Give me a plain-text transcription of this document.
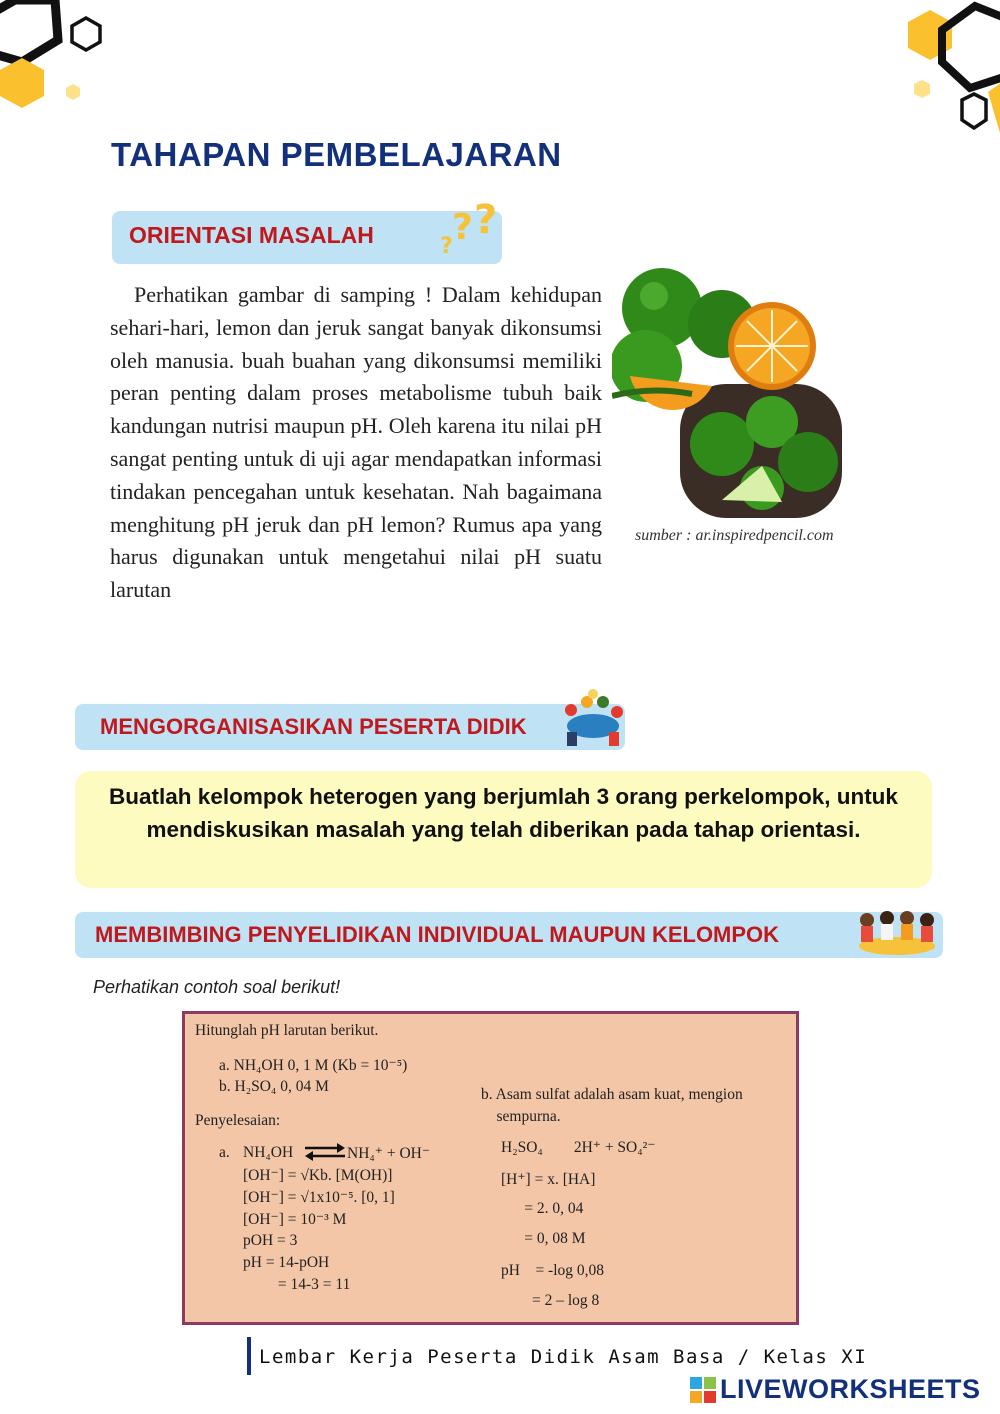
TAHAPAN PEMBELAJARAN
ORIENTASI MASALAH ? ?
?
Perhatikan gambar di samping ! Dalam kehidupan sehari-hari, lemon dan jeruk sangat banyak dikonsumsi oleh manusia. buah buahan yang dikonsumsi memiliki peran penting dalam proses metabolisme tubuh baik kandungan nutrisi maupun pH. Oleh karena itu nilai pH sangat penting untuk di uji agar mendapatkan informasi tindakan pencegahan untuk kesehatan. Nah bagaimana menghitung pH jeruk dan pH lemon? Rumus apa yang harus digunakan untuk mengetahui nilai pH suatu larutan
sumber : ar.inspiredpencil.com
MENGORGANISASIKAN PESERTA DIDIK
Buatlah kelompok heterogen yang berjumlah 3 orang perkelompok, untuk mendiskusikan masalah yang telah diberikan pada tahap orientasi.
MEMBIMBING PENYELIDIKAN INDIVIDUAL MAUPUN KELOMPOK
Perhatikan contoh soal berikut!
Hitunglah pH larutan berikut.
a. NH₄OH 0, 1 M (Kb = 10⁻⁵)
b. H₂SO₄ 0, 04 M
Penyelesaian:
a. NH₄OH ⇌ NH₄⁺ + OH⁻
[OH⁻] = √Kb. [M(OH)]
[OH⁻] = √1x10⁻⁵. [0, 1]
[OH⁻] = 10⁻³ M
pOH = 3
pH = 14-pOH
= 14-3 = 11
b. Asam sulfat adalah asam kuat, mengion
sempurna.
H₂SO₄        2H⁺ + SO₄²⁻
[H⁺] = x. [HA]
= 2. 0, 04
= 0, 08 M
pH    = -log 0,08
= 2 – log 8
Lembar Kerja Peserta Didik Asam Basa / Kelas XI
LIVEWORKSHEETS
